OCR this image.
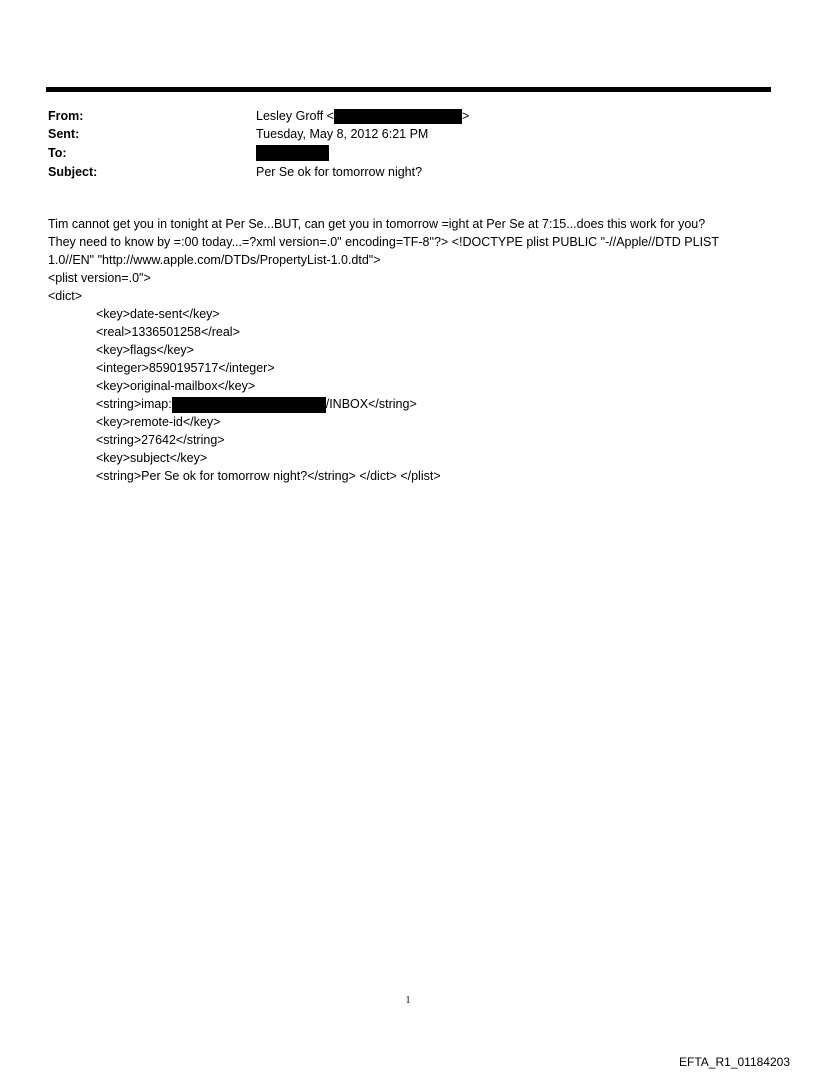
From:	Lesley Groff <	>
Sent:	Tuesday, May 8, 2012 6:21 PM
To:
Subject:	Per Se ok for tomorrow night?

Tim cannot get you in tonight at Per Se...BUT, can get you in tomorrow =ight at Per Se at 7:15...does this work for you?

They need to know by =:00 today...=?xml version=.0" encoding=TF-8"?> <!DOCTYPE plist PUBLIC "-//Apple//DTD PLIST

1.0//EN" "http://www.apple.com/DTDs/PropertyList-1.0.dtd">

<plist version=.0">

<dict>

<key>date-sent</key>

<real>1336501258</real>

<key>flags</key>

<integer>8590195717</integer>

<key>original-mailbox</key>

<string>imap:	/INBOX</string>

<key>remote-id</key>

<string>27642</string>

<key>subject</key>

<string>Per Se ok for tomorrow night?</string> </dict> </plist>

1
EFTA_R1_01184203
